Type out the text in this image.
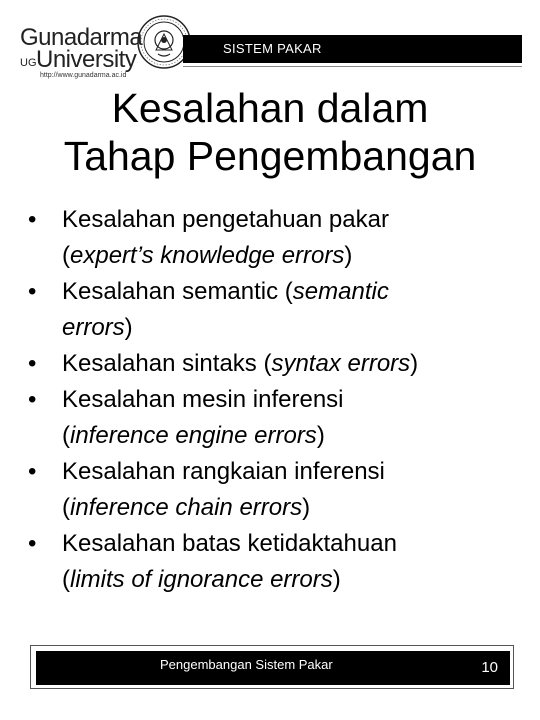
Gunadarma
UG University
http://www.gunadarma.ac.id
SISTEM PAKAR
Kesalahan dalam
Tahap Pengembangan
• Kesalahan pengetahuan pakar
(expert’s knowledge errors)
• Kesalahan semantic (semantic
errors)
• Kesalahan sintaks (syntax errors)
• Kesalahan mesin inferensi
(inference engine errors)
• Kesalahan rangkaian inferensi
(inference chain errors)
• Kesalahan batas ketidaktahuan
(limits of ignorance errors)
Pengembangan Sistem Pakar	10
